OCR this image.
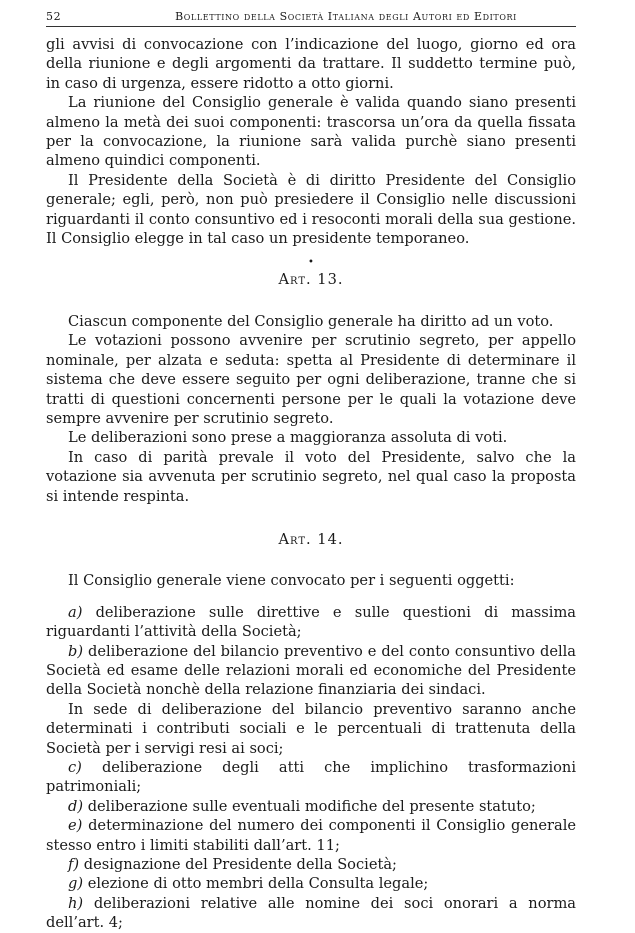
52	Bollettino della Società Italiana degli Autori ed Editori

gli avvisi di convocazione con l’indicazione del luogo, giorno ed ora della riunione e degli argomenti da trattare. Il suddetto termine può, in caso di urgenza, essere ridotto a otto giorni.

La riunione del Consiglio generale è valida quando siano presenti almeno la metà dei suoi componenti: trascorsa un’ora da quella fissata per la convocazione, la riunione sarà valida purchè siano presenti almeno quindici componenti.

Il Presidente della Società è di diritto Presidente del Consiglio generale; egli, però, non può presiedere il Consiglio nelle discussioni riguardanti il conto consuntivo ed i resoconti morali della sua gestione. Il Consiglio elegge in tal caso un presidente temporaneo.

•
Art. 13.

Ciascun componente del Consiglio generale ha diritto ad un voto.

Le votazioni possono avvenire per scrutinio segreto, per appello nominale, per alzata e seduta: spetta al Presidente di determinare il sistema che deve essere seguito per ogni deliberazione, tranne che si tratti di questioni concernenti persone per le quali la votazione deve sempre avvenire per scrutinio segreto.

Le deliberazioni sono prese a maggioranza assoluta di voti.

In caso di parità prevale il voto del Presidente, salvo che la votazione sia avvenuta per scrutinio segreto, nel qual caso la proposta si intende respinta.

Art. 14.

Il Consiglio generale viene convocato per i seguenti oggetti:

a) deliberazione sulle direttive e sulle questioni di massima riguardanti l’attività della Società;

b) deliberazione del bilancio preventivo e del conto consuntivo della Società ed esame delle relazioni morali ed economiche del Presidente della Società nonchè della relazione finanziaria dei sindaci.

In sede di deliberazione del bilancio preventivo saranno anche determinati i contributi sociali e le percentuali di trattenuta della Società per i servigi resi ai soci;

c) deliberazione degli atti che implichino trasformazioni patrimoniali;

d) deliberazione sulle eventuali modifiche del presente statuto;

e) determinazione del numero dei componenti il Consiglio generale stesso entro i limiti stabiliti dall’art. 11;

f) designazione del Presidente della Società;

g) elezione di otto membri della Consulta legale;

h) deliberazioni relative alle nomine dei soci onorari a norma dell’art. 4;
